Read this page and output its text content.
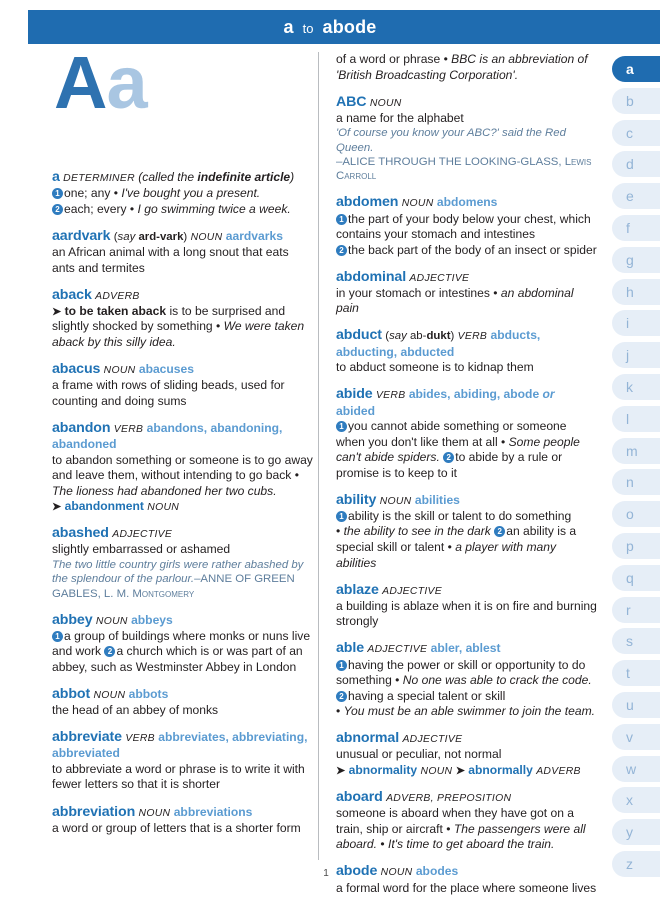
a to abode
Aa

a DETERMINER (called the indefinite article)
1 one; any • I've bought you a present.
2 each; every • I go swimming twice a week.

aardvark (say ard-vark) NOUN aardvarks
an African animal with a long snout that eats ants and termites

aback ADVERB
➤ to be taken aback is to be surprised and slightly shocked by something • We were taken aback by this silly idea.

abacus NOUN abacuses
a frame with rows of sliding beads, used for counting and doing sums

abandon VERB abandons, abandoning, abandoned
to abandon something or someone is to go away and leave them, without intending to go back • The lioness had abandoned her two cubs.
➤ abandonment NOUN

abashed ADJECTIVE
slightly embarrassed or ashamed

The two little country girls were rather abashed by the splendour of the parlour.–ANNE OF GREEN GABLES, L. M. Montgomery

abbey NOUN abbeys
1 a group of buildings where monks or nuns live and work 2 a church which is or was part of an abbey, such as Westminster Abbey in London

abbot NOUN abbots
the head of an abbey of monks

abbreviate VERB abbreviates, abbreviating, abbreviated
to abbreviate a word or phrase is to write it with fewer letters so that it is shorter

abbreviation NOUN abbreviations
a word or group of letters that is a shorter form

of a word or phrase • BBC is an abbreviation of 'British Broadcasting Corporation'.

ABC NOUN
a name for the alphabet

'Of course you know your ABC?' said the Red Queen.
–ALICE THROUGH THE LOOKING-GLASS, Lewis Carroll

abdomen NOUN abdomens
1 the part of your body below your chest, which contains your stomach and intestines
2 the back part of the body of an insect or spider

abdominal ADJECTIVE
in your stomach or intestines • an abdominal pain

abduct (say ab-dukt) VERB abducts, abducting, abducted
to abduct someone is to kidnap them

abide VERB abides, abiding, abode or
abided
1 you cannot abide something or someone when you don't like them at all • Some people can't abide spiders. 2 to abide by a rule or promise is to keep to it

ability NOUN abilities
1 ability is the skill or talent to do something
• the ability to see in the dark 2 an ability is a special skill or talent • a player with many abilities

ablaze ADJECTIVE
a building is ablaze when it is on fire and burning strongly

able ADJECTIVE abler, ablest
1 having the power or skill or opportunity to do something • No one was able to crack the code. 2 having a special talent or skill
• You must be an able swimmer to join the team.

abnormal ADJECTIVE
unusual or peculiar, not normal
➤ abnormality NOUN ➤ abnormally ADVERB

aboard ADVERB, PREPOSITION
someone is aboard when they have got on a train, ship or aircraft • The passengers were all aboard. • It's time to get aboard the train.

abode NOUN abodes
a formal word for the place where someone lives

a
b
c
d
e
f
g
h
i
j
k
l
m
n
o
p
q
r
s
t
u
v
w
x
y
z
1
